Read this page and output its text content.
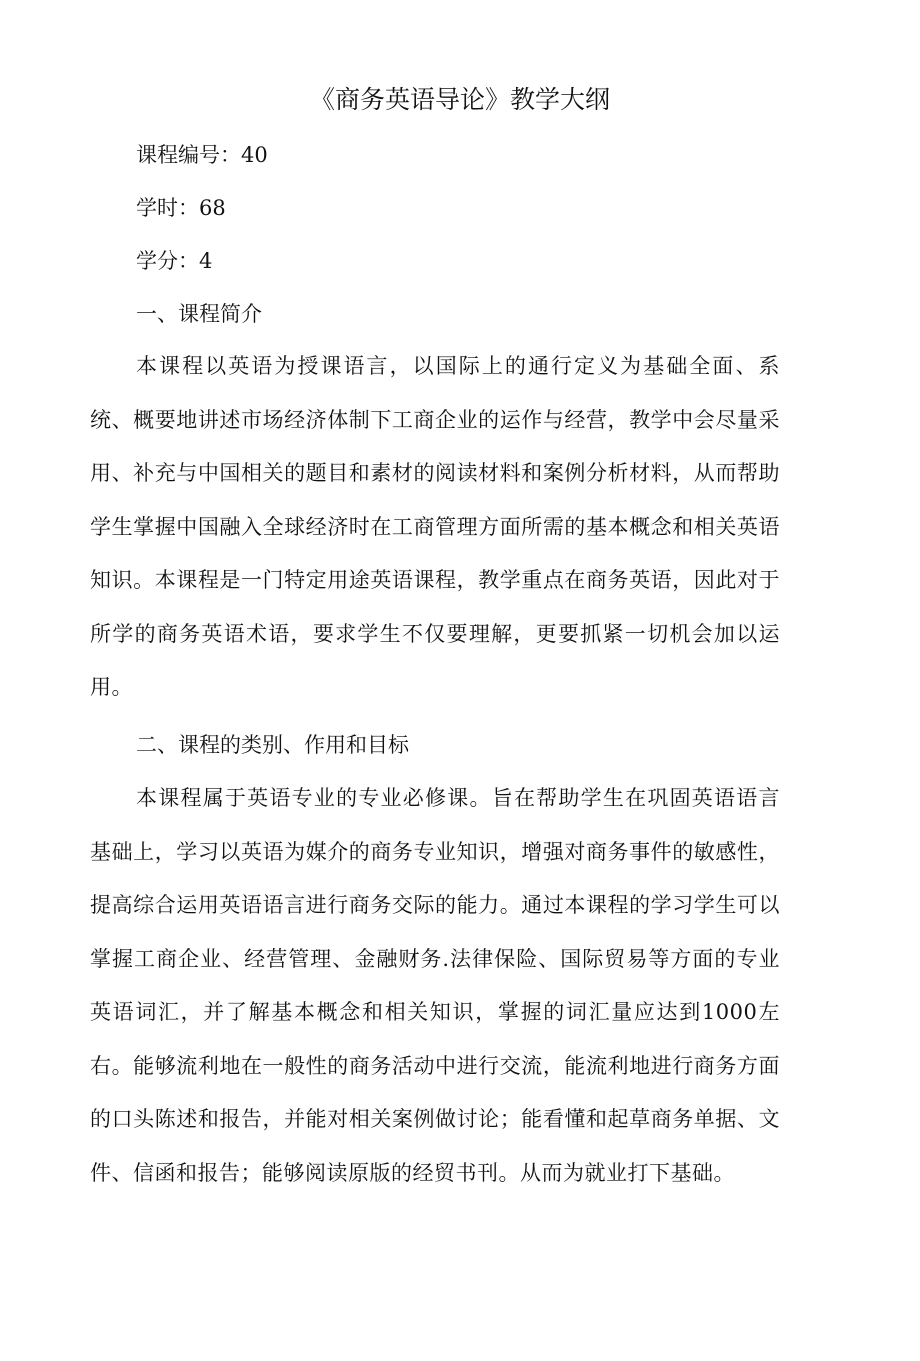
《商务英语导论》教学大纲
课程编号：40
学时：68
学分：4
一、课程简介
本课程以英语为授课语言，以国际上的通行定义为基础全面、系统、概要地讲述市场经济体制下工商企业的运作与经营，教学中会尽量采用、补充与中国相关的题目和素材的阅读材料和案例分析材料，从而帮助学生掌握中国融入全球经济时在工商管理方面所需的基本概念和相关英语知识。本课程是一门特定用途英语课程，教学重点在商务英语，因此对于所学的商务英语术语，要求学生不仅要理解，更要抓紧一切机会加以运用。
二、课程的类别、作用和目标
本课程属于英语专业的专业必修课。旨在帮助学生在巩固英语语言基础上，学习以英语为媒介的商务专业知识，增强对商务事件的敏感性，提高综合运用英语语言进行商务交际的能力。通过本课程的学习学生可以掌握工商企业、经营管理、金融财务.法律保险、国际贸易等方面的专业英语词汇，并了解基本概念和相关知识，掌握的词汇量应达到1000左右。能够流利地在一般性的商务活动中进行交流，能流利地进行商务方面的口头陈述和报告，并能对相关案例做讨论；能看懂和起草商务单据、文件、信函和报告；能够阅读原版的经贸书刊。从而为就业打下基础。
